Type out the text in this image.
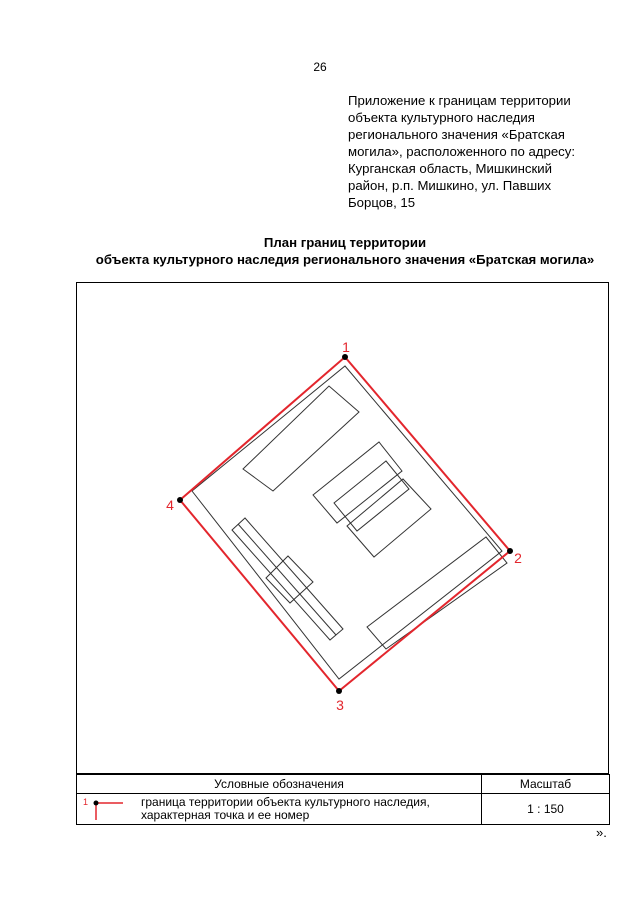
26
Приложение к границам территории
объекта культурного наследия
регионального значения «Братская
могила», расположенного по адресу:
Курганская область, Мишкинский
район, р.п. Мишкино, ул. Павших
Борцов, 15
План границ территории
объекта культурного наследия регионального значения «Братская могила»
1
2
3
4
Условные обозначения	Масштаб

1 граница территории объекта культурного наследия,
характерная точка и ее номер	1 : 150
».
